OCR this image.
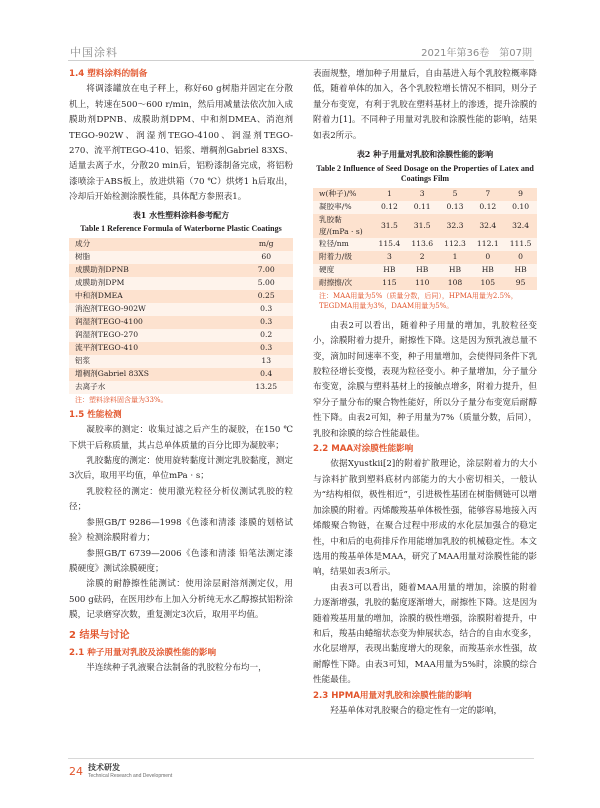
中国涂料	2021年第36卷　第07期
1.4 塑料涂料的制备

将调漆罐放在电子秤上，称好60 g树脂并固定在分散机上，转速在500～600 r/min，然后用减量法依次加入成膜助剂DPNB、成膜助剂DPM、中和剂DMEA、消泡剂TEGO-902W、润湿剂TEGO-4100、润湿剂TEGO-270、流平剂TEGO-410、铝浆、增稠剂Gabriel 83XS、适量去离子水，分散20 min后，铝粉漆制备完成，将铝粉漆喷涂于ABS板上，放进烘箱（70 ℃）烘烤1 h后取出，冷却后开始检测涂膜性能，具体配方参照表1。

表1 水性塑料涂料参考配方
Table 1 Reference Formula of Waterborne Plastic Coatings
成分	m/g
树脂	60
成膜助剂DPNB	7.00
成膜助剂DPM	5.00
中和剂DMEA	0.25
消泡剂TEGO-902W	0.3
润湿剂TEGO-4100	0.3
润湿剂TEGO-270	0.2
流平剂TEGO-410	0.3
铝浆	13
增稠剂Gabriel 83XS	0.4
去离子水	13.25
注：塑料涂料固含量为33%。
1.5 性能检测

凝胶率的测定：收集过滤之后产生的凝胶，在150 ℃下烘干后称质量，其占总单体质量的百分比即为凝胶率；

乳胶黏度的测定：使用旋转黏度计测定乳胶黏度，测定3次后，取用平均值，单位mPa · s；

乳胶粒径的测定：使用激光粒径分析仪测试乳胶的粒径；

参照GB/T 9286—1998《色漆和清漆 漆膜的划格试验》检测涂膜附着力；

参照GB/T 6739—2006《色漆和清漆 铅笔法测定漆膜硬度》测试涂膜硬度；

涂膜的耐静擦性能测试：使用涂层耐溶剂测定仪，用500 g砝码，在医用纱布上加入分析纯无水乙醇擦拭铝粉涂膜，记录磨穿次数，重复测定3次后，取用平均值。

2 结果与讨论
2.1 种子用量对乳胶及涂膜性能的影响

半连续种子乳液聚合法制备的乳胶粒分布均一，

表面规整，增加种子用量后，自由基进入每个乳胶粒概率降低，随着单体的加入，各个乳胶粒增长情况不相同，则分子量分布变宽，有利于乳胶在塑料基材上的渗透，提升涂膜的附着力[1]。不同种子用量对乳胶和涂膜性能的影响，结果如表2所示。

表2 种子用量对乳胶和涂膜性能的影响
Table 2 Influence of Seed Dosage on the Properties of Latex and Coatings Film
w(种子)/%	1	3	5	7	9
凝胶率/%	0.12	0.11	0.13	0.12	0.10
乳胶黏度/(mPa · s)	31.5	31.5	32.3	32.4	32.4
粒径/nm	115.4	113.6	112.3	112.1	111.5
附着力/级	3	2	1	0	0
硬度	HB	HB	HB	HB	HB
耐擦擦/次	115	110	108	105	95
注：MAA用量为5%（质量分数，后同），HPMA用量为2.5%，TEGDMA用量为3%，DAAM用量为5%。

由表2可以看出，随着种子用量的增加，乳胶粒径变小，涂膜附着力提升，耐擦性下降。这是因为预乳液总量不变，滴加时间速率不变，种子用量增加，会使得同条件下乳胶粒径增长变慢，表现为粒径变小。种子量增加，分子量分布变宽，涂膜与塑料基材上的接触点增多，附着力提升，但窄分子量分布的聚合物性能好，所以分子量分布变宽后耐醇性下降。由表2可知，种子用量为7%（质量分数，后同），乳胶和涂膜的综合性能最佳。

2.2 MAA对涂膜性能影响

依据Xyustkii[2]的附着扩散理论，涂层附着力的大小与涂料扩散到塑料底材内部能力的大小密切相关，一般认为“结构相似，极性相近”，引进极性基团在树脂侧链可以增加涂膜的附着。丙烯酸羧基单体极性强，能够容易地接入丙烯酸聚合物链，在聚合过程中形成的水化层加强合的稳定性，中和后的电荷排斥作用能增加乳胶的机械稳定性。本文选用的羧基单体是MAA，研究了MAA用量对涂膜性能的影响，结果如表3所示。

由表3可以看出，随着MAA用量的增加，涂膜的附着力逐渐增强，乳胶的黏度逐渐增大，耐擦性下降。这是因为随着羧基用量的增加，涂膜的极性增强，涂膜附着提升，中和后，羧基由蜷缩状态变为伸展状态，结合的自由水变多，水化层增厚，表现出黏度增大的现象，而羧基亲水性强，故耐醇性下降。由表3可知，MAA用量为5%时，涂膜的综合性能最佳。

2.3 HPMA用量对乳胶和涂膜性能的影响

羟基单体对乳胶聚合的稳定性有一定的影响，

24 技术研发
Technical Research and Development
